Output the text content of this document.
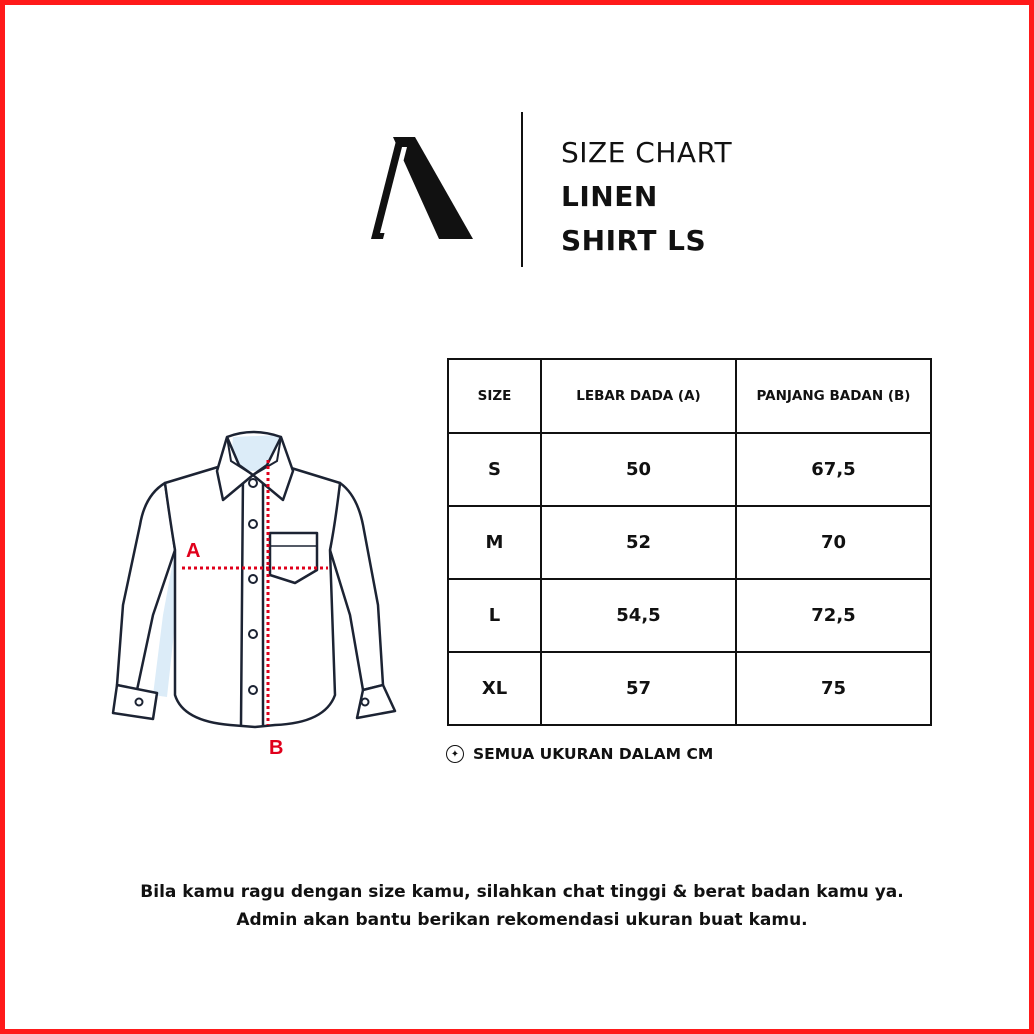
SIZE CHART
LINEN
SHIRT LS
A
B
SIZE	LEBAR DADA (A)	PANJANG BADAN (B)
S	50	67,5
M	52	70
L	54,5	72,5
XL	57	75
✦ SEMUA UKURAN DALAM CM
Bila kamu ragu dengan size kamu, silahkan chat tinggi & berat badan kamu ya.
Admin akan bantu berikan rekomendasi ukuran buat kamu.
